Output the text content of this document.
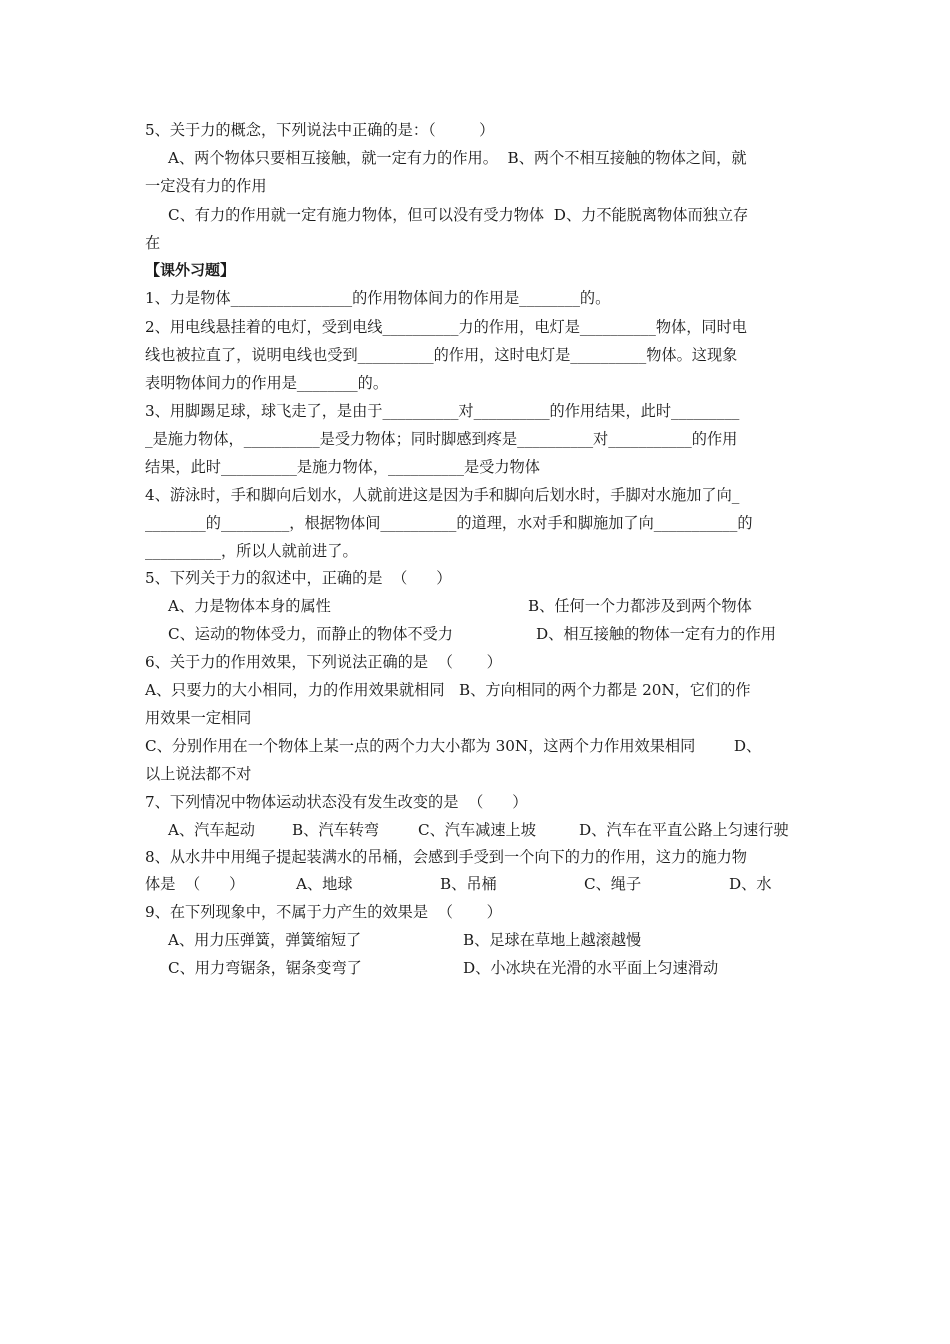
5、关于力的概念，下列说法中正确的是：（         ）
A、两个物体只要相互接触，就一定有力的作用。  B、两个不相互接触的物体之间，就
一定没有力的作用
C、有力的作用就一定有施力物体，但可以没有受力物体  D、力不能脱离物体而独立存
在
【课外习题】
1、力是物体________________的作用物体间力的作用是________的。
2、用电线悬挂着的电灯，受到电线__________力的作用，电灯是__________物体，同时电
线也被拉直了，说明电线也受到__________的作用，这时电灯是__________物体。这现象
表明物体间力的作用是________的。
3、用脚踢足球，球飞走了，是由于__________对__________的作用结果，此时_________
_是施力物体，__________是受力物体；同时脚感到疼是__________对___________的作用
结果，此时__________是施力物体，__________是受力物体
4、游泳时，手和脚向后划水，人就前进这是因为手和脚向后划水时，手脚对水施加了向_
________的_________，根据物体间__________的道理，水对手和脚施加了向___________的
__________，所以人就前进了。
5、下列关于力的叙述中，正确的是  （      ）
A、力是物体本身的属性	B、任何一个力都涉及到两个物体
C、运动的物体受力，而静止的物体不受力	D、相互接触的物体一定有力的作用
6、关于力的作用效果，下列说法正确的是  （       ）
A、只要力的大小相同，力的作用效果就相同   B、方向相同的两个力都是 20N，它们的作
用效果一定相同
C、分别作用在一个物体上某一点的两个力大小都为 30N，这两个力作用效果相同        D、
以上说法都不对
7、下列情况中物体运动状态没有发生改变的是  （      ）
A、汽车起动 B、汽车转弯	C、汽车减速上坡	D、汽车在平直公路上匀速行驶
8、从水井中用绳子提起装满水的吊桶，会感到手受到一个向下的力的作用，这力的施力物
体是  （      ）	A、地球	B、吊桶	C、绳子	D、水
9、在下列现象中，不属于力产生的效果是  （       ）
A、用力压弹簧，弹簧缩短了	B、足球在草地上越滚越慢
C、用力弯锯条，锯条变弯了	D、小冰块在光滑的水平面上匀速滑动
